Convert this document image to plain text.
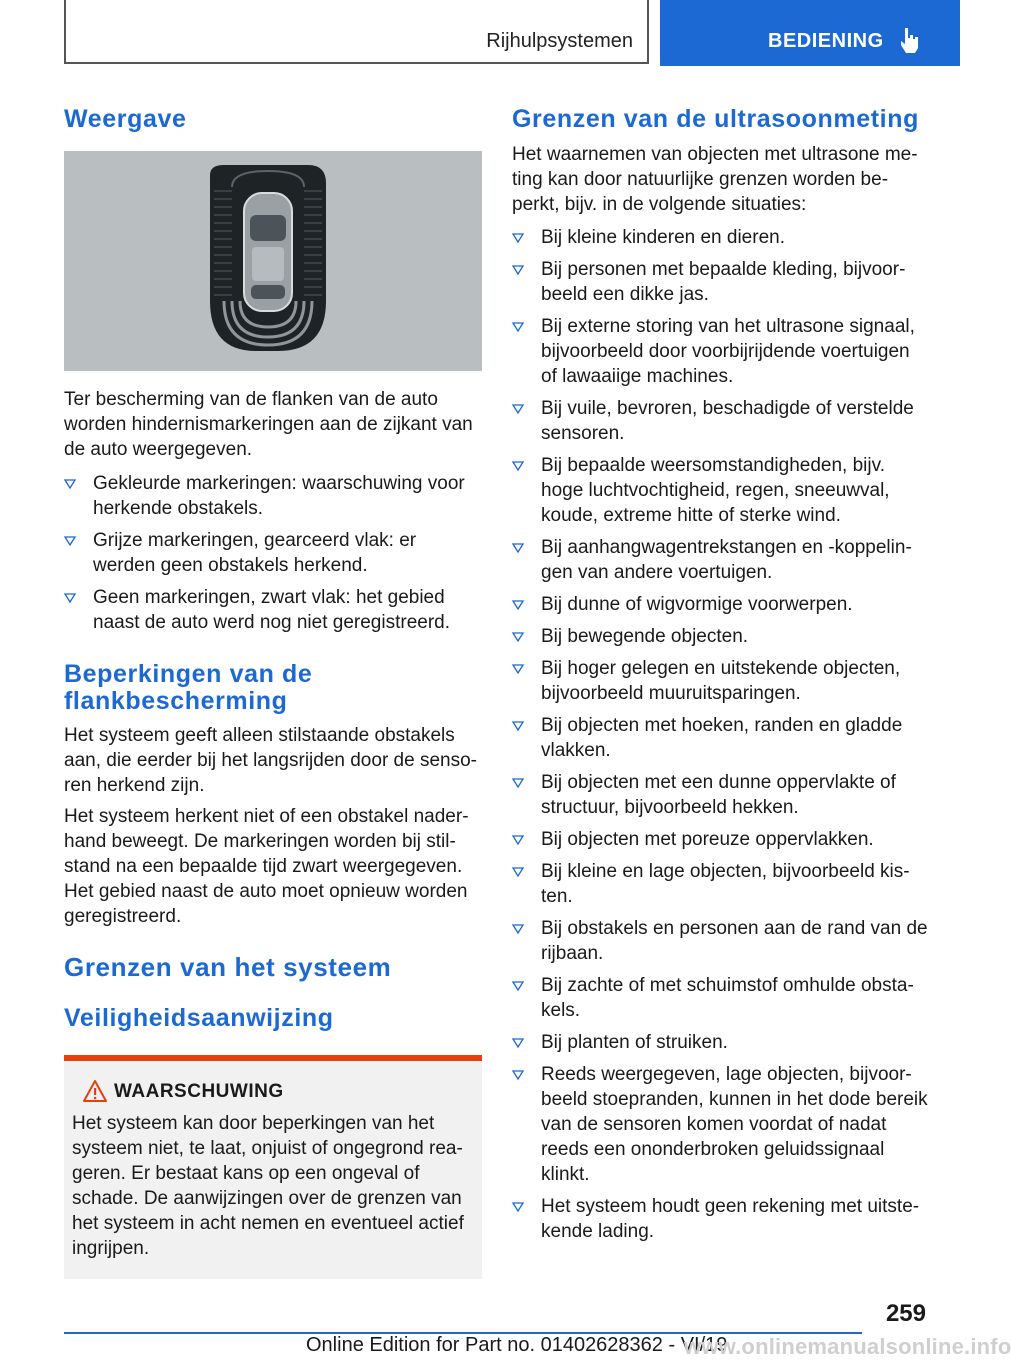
Rijhulpsystemen	BEDIENING
Weergave

Ter bescherming van de flanken van de auto worden hindernismarkeringen aan de zijkant van de auto weergegeven.

Gekleurde markeringen: waarschuwing voor herkende obstakels.
Grijze markeringen, gearceerd vlak: er werden geen obstakels herkend.
Geen markeringen, zwart vlak: het gebied naast de auto werd nog niet geregistreerd.
Beperkingen van de flankbescherming

Het systeem geeft alleen stilstaande obstakels aan, die eerder bij het langsrijden door de sensoren herkend zijn.

Het systeem herkent niet of een obstakel naderhand beweegt. De markeringen worden bij stilstand na een bepaalde tijd zwart weergegeven. Het gebied naast de auto moet opnieuw worden geregistreerd.

Grenzen van het systeem
Veiligheidsaanwijzing
WAARSCHUWING

Het systeem kan door beperkingen van het systeem niet, te laat, onjuist of ongegrond reageren. Er bestaat kans op een ongeval of schade. De aanwijzingen over de grenzen van het systeem in acht nemen en eventueel actief ingrijpen.

Grenzen van de ultrasoonmeting

Het waarnemen van objecten met ultrasone meting kan door natuurlijke grenzen worden beperkt, bijv. in de volgende situaties:

Bij kleine kinderen en dieren.
Bij personen met bepaalde kleding, bijvoorbeeld een dikke jas.
Bij externe storing van het ultrasone signaal, bijvoorbeeld door voorbijrijdende voertuigen of lawaaiige machines.
Bij vuile, bevroren, beschadigde of verstelde sensoren.
Bij bepaalde weersomstandigheden, bijv. hoge luchtvochtigheid, regen, sneeuwval, koude, extreme hitte of sterke wind.
Bij aanhangwagentrekstangen en -koppelingen van andere voertuigen.
Bij dunne of wigvormige voorwerpen.
Bij bewegende objecten.
Bij hoger gelegen en uitstekende objecten, bijvoorbeeld muuruitsparingen.
Bij objecten met hoeken, randen en gladde vlakken.
Bij objecten met een dunne oppervlakte of structuur, bijvoorbeeld hekken.
Bij objecten met poreuze oppervlakken.
Bij kleine en lage objecten, bijvoorbeeld kisten.
Bij obstakels en personen aan de rand van de rijbaan.
Bij zachte of met schuimstof omhulde obstakels.
Bij planten of struiken.
Reeds weergegeven, lage objecten, bijvoorbeeld stoepranden, kunnen in het dode bereik van de sensoren komen voordat of nadat reeds een ononderbroken geluidssignaal klinkt.
Het systeem houdt geen rekening met uitstekende lading.
259
Online Edition for Part no. 01402628362 - VI/19
www.onlinemanualsonline.info
